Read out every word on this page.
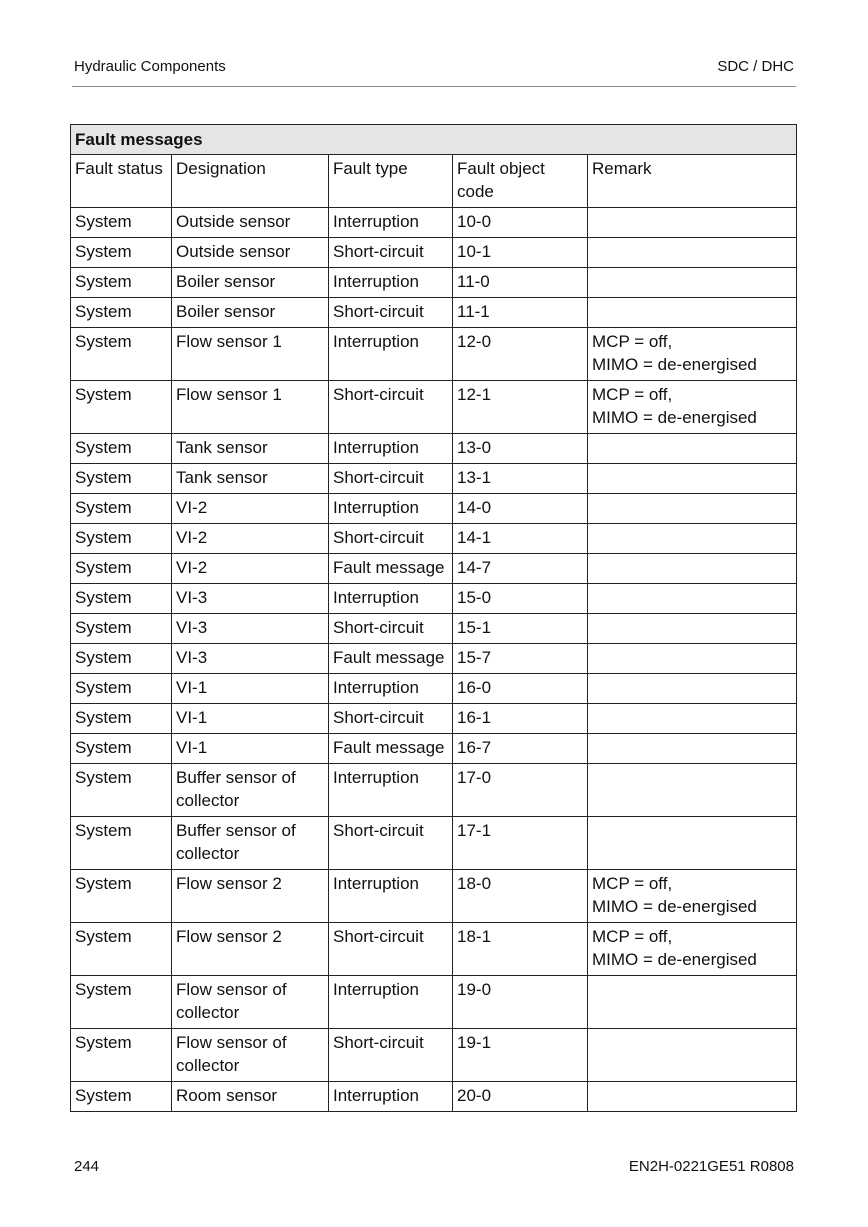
Hydraulic Components	SDC / DHC
Fault messages				
Fault status	Designation	Fault type	Fault object
code	Remark
System	Outside sensor	Interruption	10-0	
System	Outside sensor	Short-circuit	10-1	
System	Boiler sensor	Interruption	11-0	
System	Boiler sensor	Short-circuit	11-1	
System	Flow sensor 1	Interruption	12-0	MCP = off,
MIMO = de-energised
System	Flow sensor 1	Short-circuit	12-1	MCP = off,
MIMO = de-energised
System	Tank sensor	Interruption	13-0	
System	Tank sensor	Short-circuit	13-1	
System	VI-2	Interruption	14-0	
System	VI-2	Short-circuit	14-1	
System	VI-2	Fault message	14-7	
System	VI-3	Interruption	15-0	
System	VI-3	Short-circuit	15-1	
System	VI-3	Fault message	15-7	
System	VI-1	Interruption	16-0	
System	VI-1	Short-circuit	16-1	
System	VI-1	Fault message	16-7	
System	Buffer sensor of
collector	Interruption	17-0	
System	Buffer sensor of
collector	Short-circuit	17-1	
System	Flow sensor 2	Interruption	18-0	MCP = off,
MIMO = de-energised
System	Flow sensor 2	Short-circuit	18-1	MCP = off,
MIMO = de-energised
System	Flow sensor of
collector	Interruption	19-0	
System	Flow sensor of
collector	Short-circuit	19-1	
System	Room sensor	Interruption	20-0	
244	EN2H-0221GE51 R0808
